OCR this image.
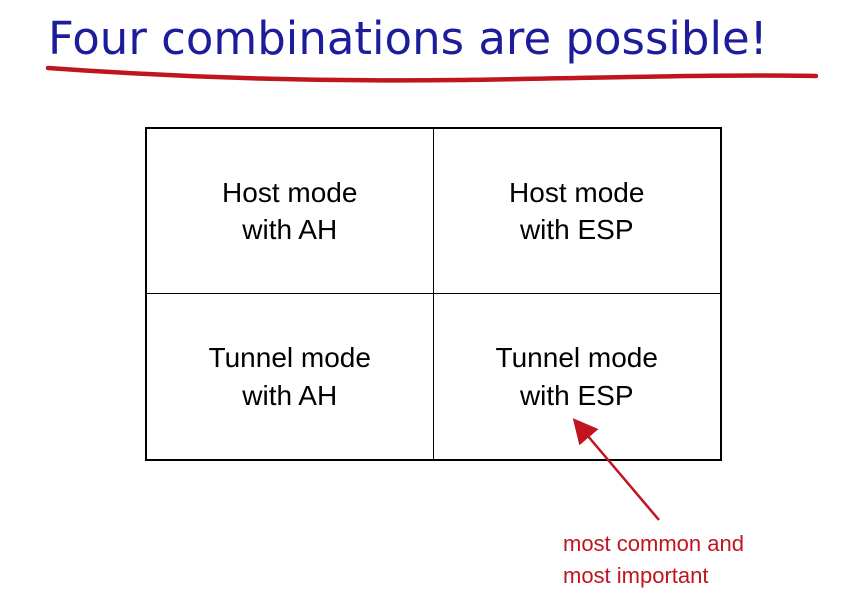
Four combinations are possible!
Host mode
with AH
Host mode
with ESP
Tunnel mode
with AH
Tunnel mode
with ESP
most common and
most important
